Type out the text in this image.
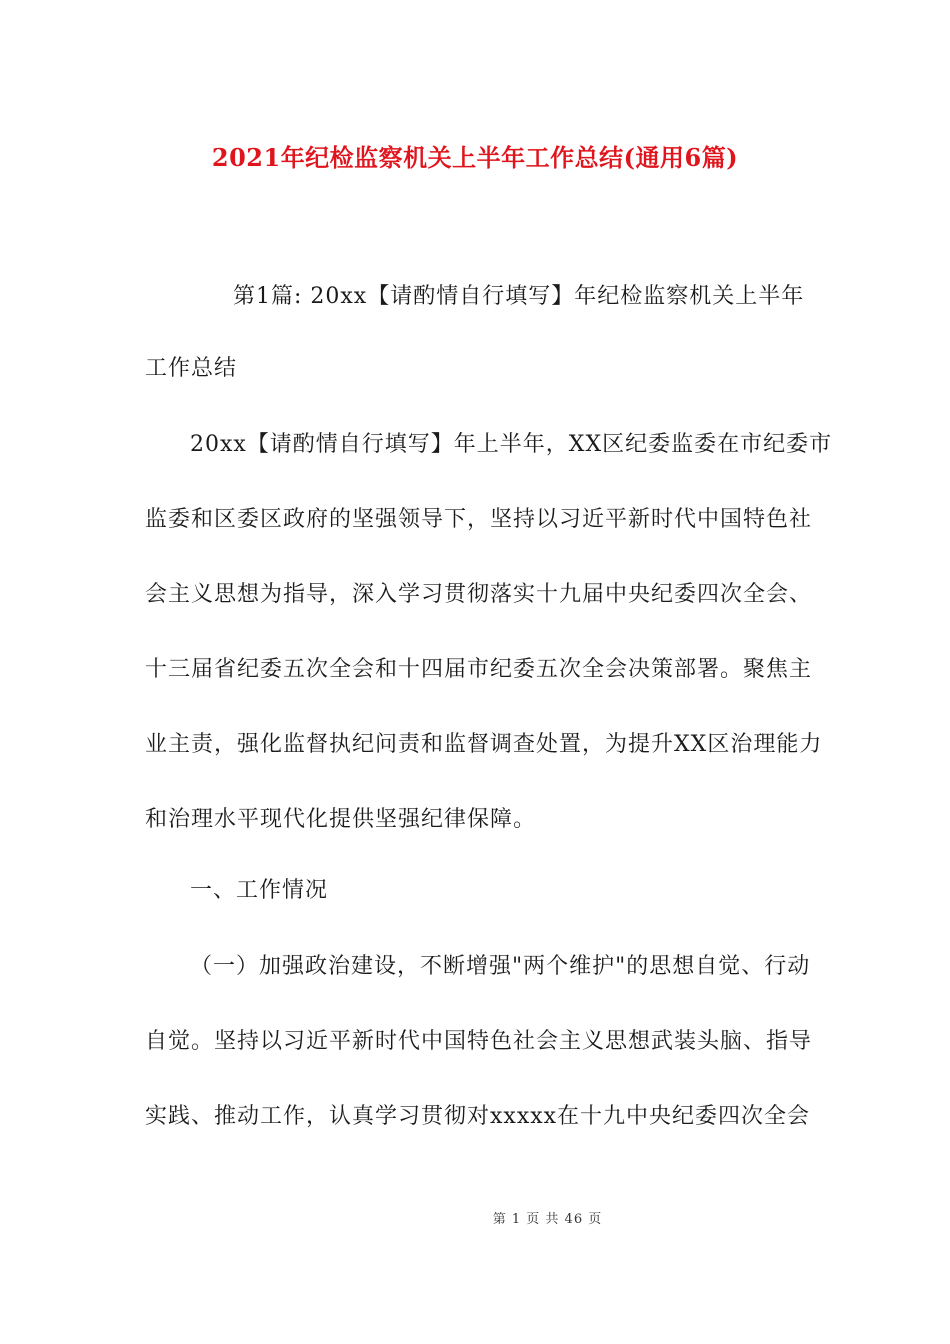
2021年纪检监察机关上半年工作总结(通用6篇)
第1篇: 20xx【请酌情自行填写】年纪检监察机关上半年
工作总结
20xx【请酌情自行填写】年上半年，XX区纪委监委在市纪委市
监委和区委区政府的坚强领导下，坚持以习近平新时代中国特色社
会主义思想为指导，深入学习贯彻落实十九届中央纪委四次全会、
十三届省纪委五次全会和十四届市纪委五次全会决策部署。聚焦主
业主责，强化监督执纪问责和监督调查处置，为提升XX区治理能力
和治理水平现代化提供坚强纪律保障。
一、工作情况
（一）加强政治建设，不断增强"两个维护"的思想自觉、行动
自觉。坚持以习近平新时代中国特色社会主义思想武装头脑、指导
实践、推动工作，认真学习贯彻对xxxxx在十九中央纪委四次全会
第 1 页 共 46 页
